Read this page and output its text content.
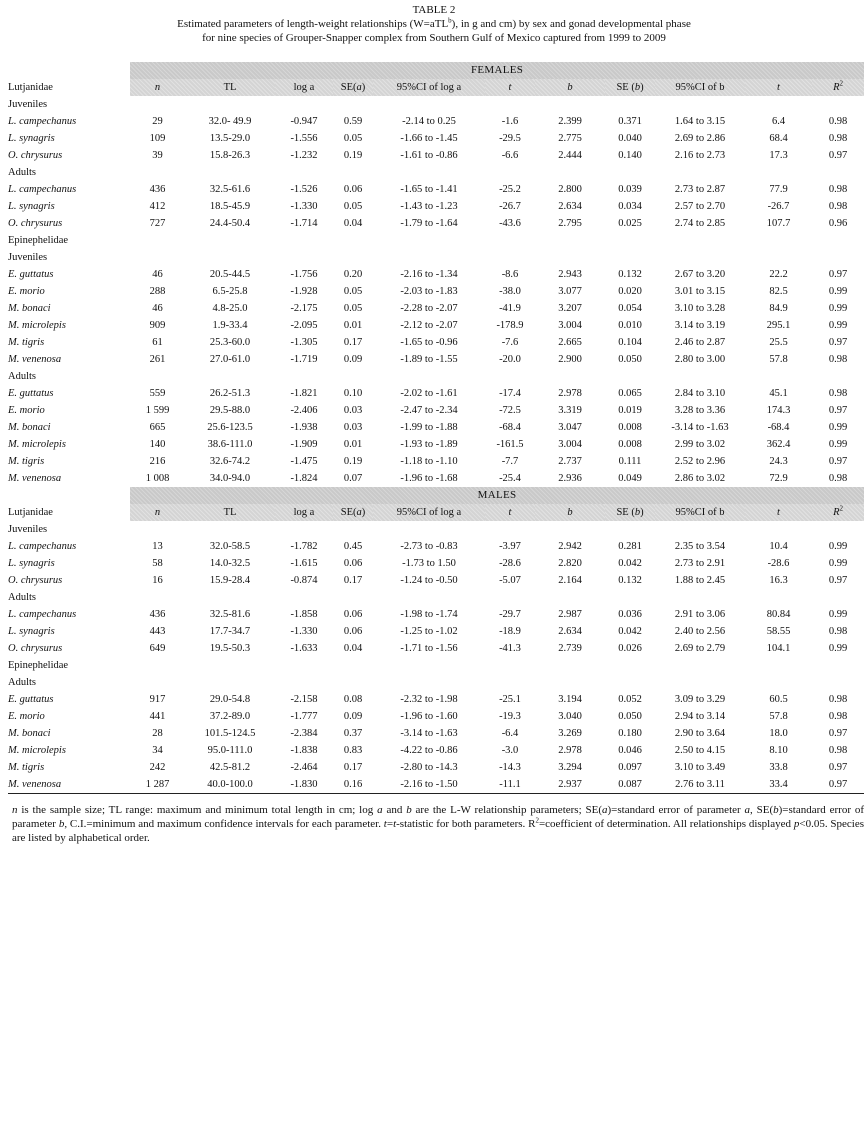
TABLE 2
Estimated parameters of length-weight relationships (W=aTL$^b$), in g and cm) by sex and gonad developmental phase
for nine species of Grouper-Snapper complex from Southern Gulf of Mexico captured from 1999 to 2009
	FEMALES										
Lutjanidae	n	TL	log a	SE(a)	95%CI of log a	t	b	SE (b)	95%CI of b	t	$R^2$
Juveniles											
L. campechanus	29	32.0- 49.9	-0.947	0.59	-2.14 to 0.25	-1.6	2.399	0.371	1.64 to 3.15	6.4	0.98
L. synagris	109	13.5-29.0	-1.556	0.05	-1.66 to -1.45	-29.5	2.775	0.040	2.69 to 2.86	68.4	0.98
O. chrysurus	39	15.8-26.3	-1.232	0.19	-1.61 to -0.86	-6.6	2.444	0.140	2.16 to 2.73	17.3	0.97
Adults											
L. campechanus	436	32.5-61.6	-1.526	0.06	-1.65 to -1.41	-25.2	2.800	0.039	2.73 to 2.87	77.9	0.98
L. synagris	412	18.5-45.9	-1.330	0.05	-1.43 to -1.23	-26.7	2.634	0.034	2.57 to 2.70	-26.7	0.98
O. chrysurus	727	24.4-50.4	-1.714	0.04	-1.79 to -1.64	-43.6	2.795	0.025	2.74 to 2.85	107.7	0.96
Epinephelidae											
Juveniles											
E. guttatus	46	20.5-44.5	-1.756	0.20	-2.16 to -1.34	-8.6	2.943	0.132	2.67 to 3.20	22.2	0.97
E. morio	288	6.5-25.8	-1.928	0.05	-2.03 to -1.83	-38.0	3.077	0.020	3.01 to 3.15	82.5	0.99
M. bonaci	46	4.8-25.0	-2.175	0.05	-2.28 to -2.07	-41.9	3.207	0.054	3.10 to 3.28	84.9	0.99
M. microlepis	909	1.9-33.4	-2.095	0.01	-2.12 to -2.07	-178.9	3.004	0.010	3.14 to 3.19	295.1	0.99
M. tigris	61	25.3-60.0	-1.305	0.17	-1.65 to -0.96	-7.6	2.665	0.104	2.46 to 2.87	25.5	0.97
M. venenosa	261	27.0-61.0	-1.719	0.09	-1.89 to -1.55	-20.0	2.900	0.050	2.80 to 3.00	57.8	0.98
Adults											
E. guttatus	559	26.2-51.3	-1.821	0.10	-2.02 to -1.61	-17.4	2.978	0.065	2.84 to 3.10	45.1	0.98
E. morio	1 599	29.5-88.0	-2.406	0.03	-2.47 to -2.34	-72.5	3.319	0.019	3.28 to 3.36	174.3	0.97
M. bonaci	665	25.6-123.5	-1.938	0.03	-1.99 to -1.88	-68.4	3.047	0.008	-3.14 to -1.63	-68.4	0.99
M. microlepis	140	38.6-111.0	-1.909	0.01	-1.93 to -1.89	-161.5	3.004	0.008	2.99 to 3.02	362.4	0.99
M. tigris	216	32.6-74.2	-1.475	0.19	-1.18 to -1.10	-7.7	2.737	0.111	2.52 to 2.96	24.3	0.97
M. venenosa	1 008	34.0-94.0	-1.824	0.07	-1.96 to -1.68	-25.4	2.936	0.049	2.86 to 3.02	72.9	0.98
	MALES										
Lutjanidae	n	TL	log a	SE(a)	95%CI of log a	t	b	SE (b)	95%CI of b	t	$R^2$
Juveniles											
L. campechanus	13	32.0-58.5	-1.782	0.45	-2.73 to -0.83	-3.97	2.942	0.281	2.35 to 3.54	10.4	0.99
L. synagris	58	14.0-32.5	-1.615	0.06	-1.73 to 1.50	-28.6	2.820	0.042	2.73 to 2.91	-28.6	0.99
O. chrysurus	16	15.9-28.4	-0.874	0.17	-1.24 to -0.50	-5.07	2.164	0.132	1.88 to 2.45	16.3	0.97
Adults											
L. campechanus	436	32.5-81.6	-1.858	0.06	-1.98 to -1.74	-29.7	2.987	0.036	2.91 to 3.06	80.84	0.99
L. synagris	443	17.7-34.7	-1.330	0.06	-1.25 to -1.02	-18.9	2.634	0.042	2.40 to 2.56	58.55	0.98
O. chrysurus	649	19.5-50.3	-1.633	0.04	-1.71 to -1.56	-41.3	2.739	0.026	2.69 to 2.79	104.1	0.99
Epinephelidae											
Adults											
E. guttatus	917	29.0-54.8	-2.158	0.08	-2.32 to -1.98	-25.1	3.194	0.052	3.09 to 3.29	60.5	0.98
E. morio	441	37.2-89.0	-1.777	0.09	-1.96 to -1.60	-19.3	3.040	0.050	2.94 to 3.14	57.8	0.98
M. bonaci	28	101.5-124.5	-2.384	0.37	-3.14 to -1.63	-6.4	3.269	0.180	2.90 to 3.64	18.0	0.97
M. microlepis	34	95.0-111.0	-1.838	0.83	-4.22 to -0.86	-3.0	2.978	0.046	2.50 to 4.15	8.10	0.98
M. tigris	242	42.5-81.2	-2.464	0.17	-2.80 to -14.3	-14.3	3.294	0.097	3.10 to 3.49	33.8	0.97
M. venenosa	1 287	40.0-100.0	-1.830	0.16	-2.16 to -1.50	-11.1	2.937	0.087	2.76 to 3.11	33.4	0.97
n is the sample size; TL range: maximum and minimum total length in cm; log a and b are the L-W relationship parameters; SE(a)=standard error of parameter a, SE(b)=standard error of parameter b, C.I.=minimum and maximum confidence intervals for each parameter. t=t-statistic for both parameters. $R^2=coefficient$ of determination. All relationships displayed p<0.05. Species are listed by alphabetical order.
